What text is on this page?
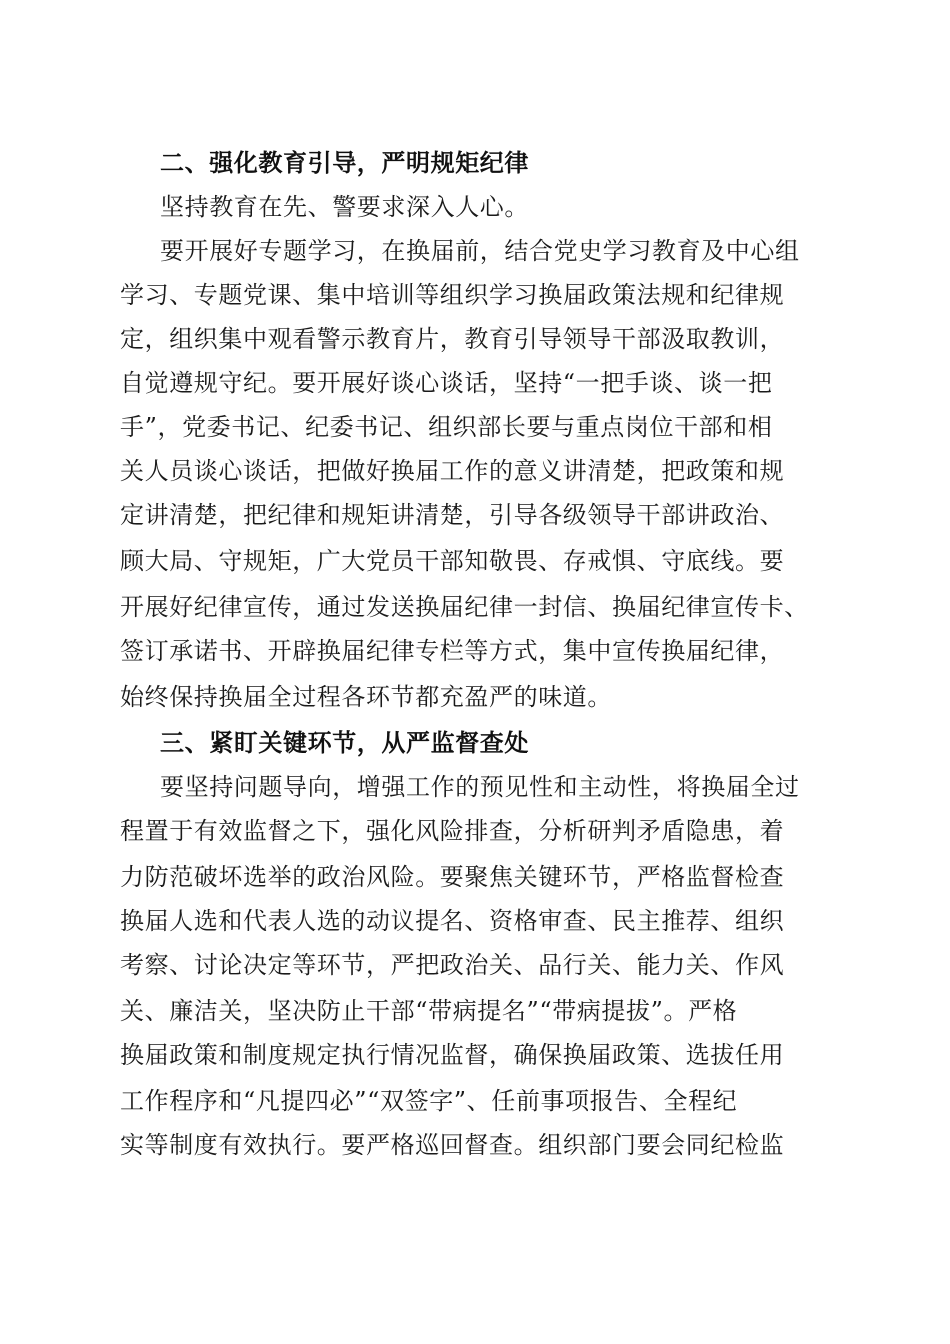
二、强化教育引导，严明规矩纪律
坚持教育在先、警要求深入人心。
要开展好专题学习，在换届前，结合党史学习教育及中心组
学习、专题党课、集中培训等组织学习换届政策法规和纪律规
定，组织集中观看警示教育片，教育引导领导干部汲取教训，
自觉遵规守纪。要开展好谈心谈话，坚持“一把手谈、谈一把
手”，党委书记、纪委书记、组织部长要与重点岗位干部和相
关人员谈心谈话，把做好换届工作的意义讲清楚，把政策和规
定讲清楚，把纪律和规矩讲清楚，引导各级领导干部讲政治、
顾大局、守规矩，广大党员干部知敬畏、存戒惧、守底线。要
开展好纪律宣传，通过发送换届纪律一封信、换届纪律宣传卡、
签订承诺书、开辟换届纪律专栏等方式，集中宣传换届纪律，
始终保持换届全过程各环节都充盈严的味道。
三、紧盯关键环节，从严监督查处
要坚持问题导向，增强工作的预见性和主动性，将换届全过
程置于有效监督之下，强化风险排查，分析研判矛盾隐患，着
力防范破坏选举的政治风险。要聚焦关键环节，严格监督检查
换届人选和代表人选的动议提名、资格审查、民主推荐、组织
考察、讨论决定等环节，严把政治关、品行关、能力关、作风
关、廉洁关，坚决防止干部“带病提名”“带病提拔”。严格
换届政策和制度规定执行情况监督，确保换届政策、选拔任用
工作程序和“凡提四必”“双签字”、任前事项报告、全程纪
实等制度有效执行。要严格巡回督查。组织部门要会同纪检监
